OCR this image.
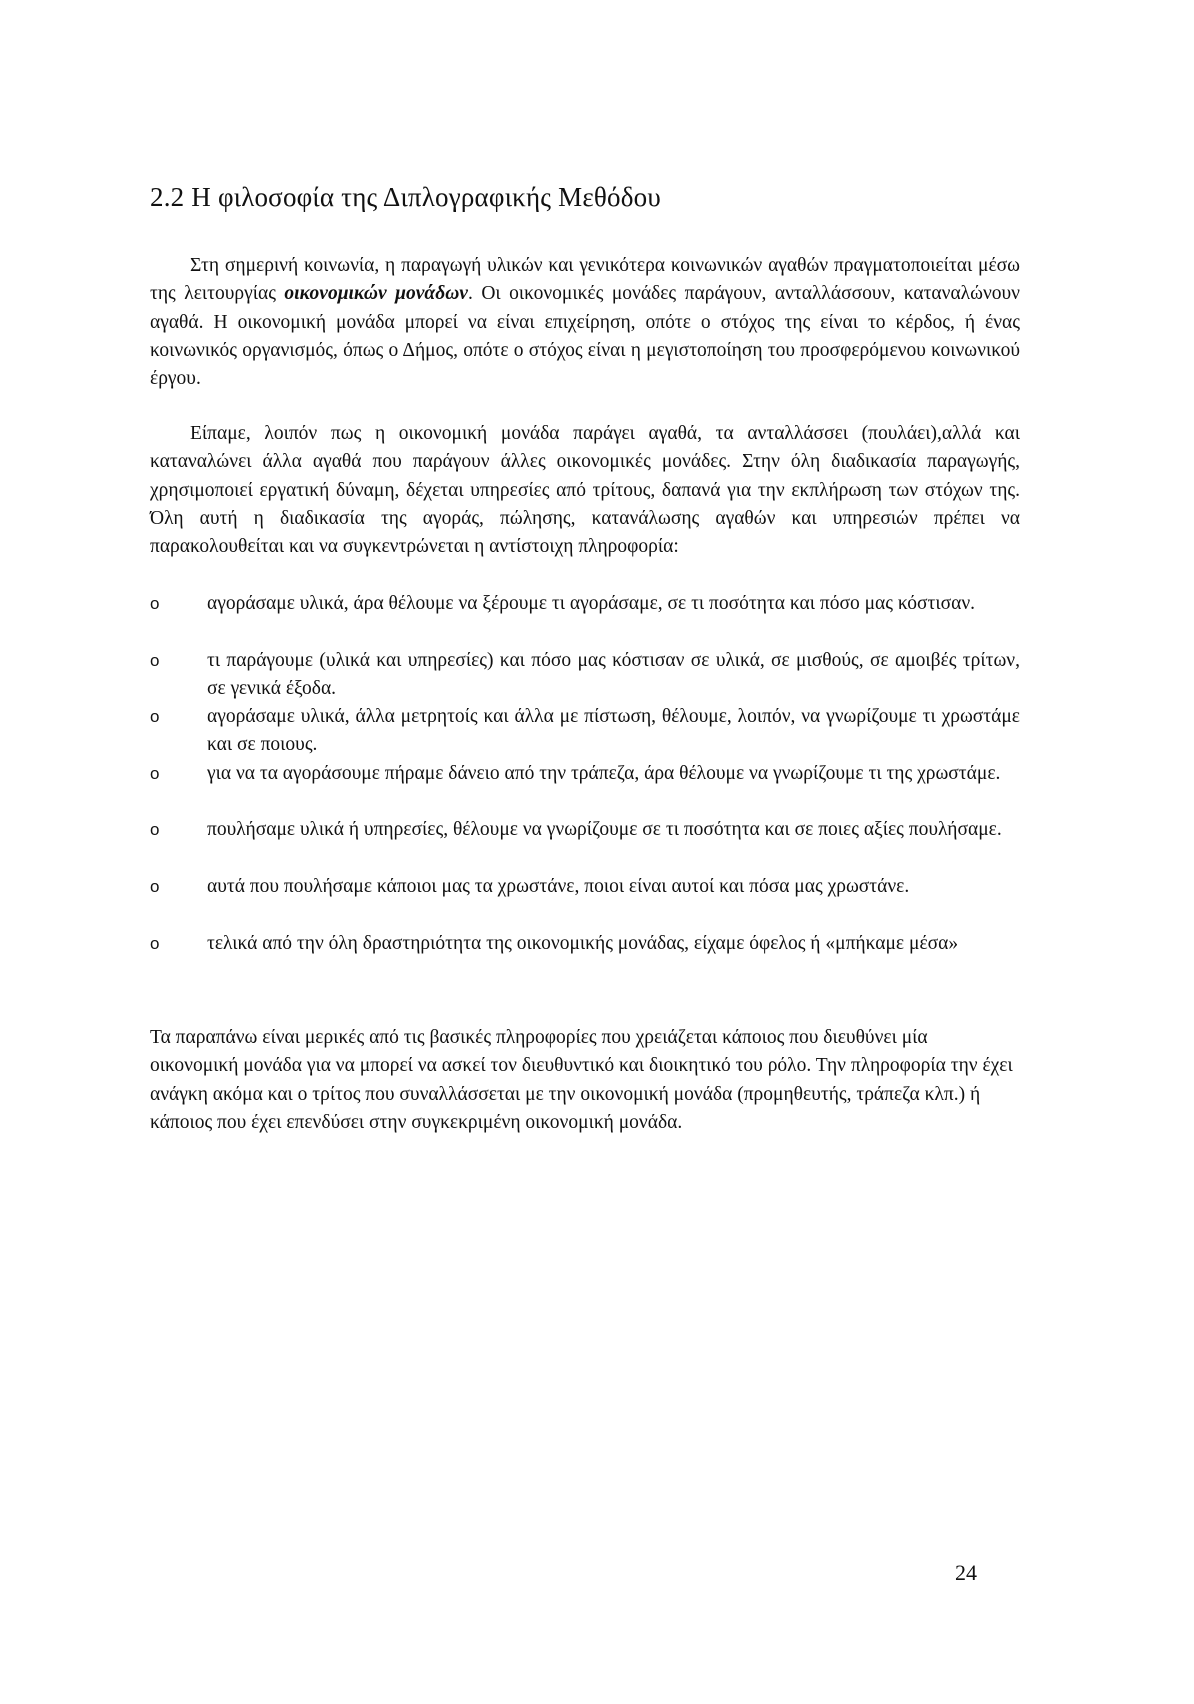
2.2 Η φιλοσοφία της Διπλογραφικής Μεθόδου

Στη σημερινή κοινωνία, η παραγωγή υλικών και γενικότερα κοινωνικών αγαθών πραγματοποιείται μέσω της λειτουργίας οικονομικών μονάδων. Οι οικονομικές μονάδες παράγουν, ανταλλάσσουν, καταναλώνουν αγαθά. Η οικονομική μονάδα μπορεί να είναι επιχείρηση, οπότε ο στόχος της είναι το κέρδος, ή ένας κοινωνικός οργανισμός, όπως ο Δήμος, οπότε ο στόχος είναι η μεγιστοποίηση του προσφερόμενου κοινωνικού έργου.

Είπαμε, λοιπόν πως η οικονομική μονάδα παράγει αγαθά, τα ανταλλάσσει (πουλάει),αλλά και καταναλώνει άλλα αγαθά που παράγουν άλλες οικονομικές μονάδες. Στην όλη διαδικασία παραγωγής, χρησιμοποιεί εργατική δύναμη, δέχεται υπηρεσίες από τρίτους, δαπανά για την εκπλήρωση των στόχων της. Όλη αυτή η διαδικασία της αγοράς, πώλησης, κατανάλωσης αγαθών και υπηρεσιών πρέπει να παρακολουθείται και να συγκεντρώνεται η αντίστοιχη πληροφορία:

o αγοράσαμε υλικά, άρα θέλουμε να ξέρουμε τι αγοράσαμε, σε τι ποσότητα και πόσο μας κόστισαν.
o τι παράγουμε (υλικά και υπηρεσίες) και πόσο μας κόστισαν σε υλικά, σε μισθούς, σε αμοιβές τρίτων, σε γενικά έξοδα.
o αγοράσαμε υλικά, άλλα μετρητοίς και άλλα με πίστωση, θέλουμε, λοιπόν, να γνωρίζουμε τι χρωστάμε και σε ποιους.
o για να τα αγοράσουμε πήραμε δάνειο από την τράπεζα, άρα θέλουμε να γνωρίζουμε τι της χρωστάμε.
o πουλήσαμε υλικά ή υπηρεσίες, θέλουμε να γνωρίζουμε σε τι ποσότητα και σε ποιες αξίες πουλήσαμε.
o αυτά που πουλήσαμε κάποιοι μας τα χρωστάνε, ποιοι είναι αυτοί και πόσα μας χρωστάνε.
o τελικά από την όλη δραστηριότητα της οικονομικής μονάδας, είχαμε όφελος ή «μπήκαμε μέσα»

Τα παραπάνω είναι μερικές από τις βασικές πληροφορίες που χρειάζεται κάποιος που διευθύνει μία οικονομική μονάδα για να μπορεί να ασκεί τον διευθυντικό και διοικητικό του ρόλο. Την πληροφορία την έχει ανάγκη ακόμα και ο τρίτος που συναλλάσσεται με την οικονομική μονάδα (προμηθευτής, τράπεζα κλπ.) ή κάποιος που έχει επενδύσει στην συγκεκριμένη οικονομική μονάδα.

24
